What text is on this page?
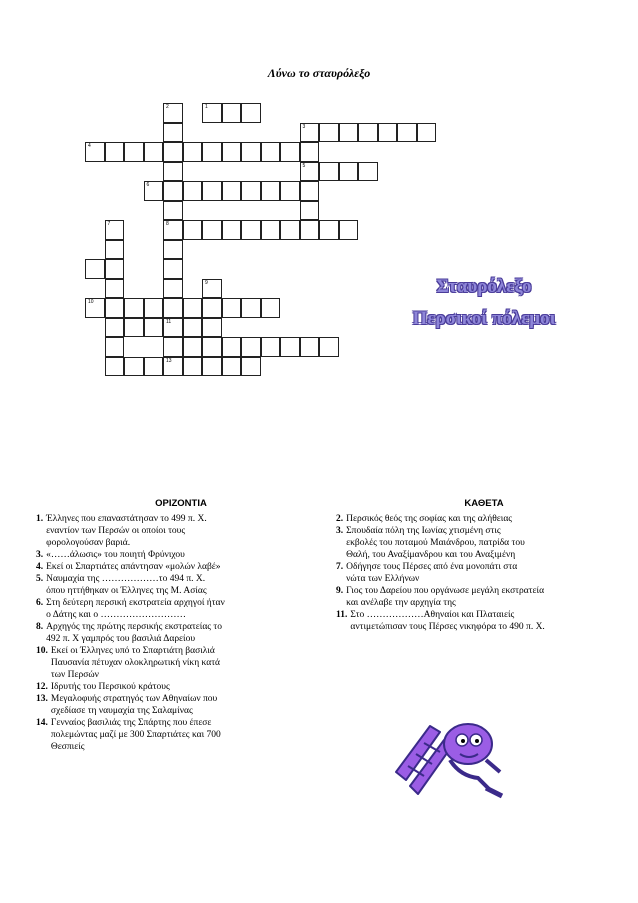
Λύνω το σταυρόλεξο
2
8
1
3
5
4
6
7
9
10
11
13
Σταυρόλεξο
Περσικοί πόλεμοι
ΟΡΙΖΟΝΤΙΑ
1. Έλληνες που επαναστάτησαν το 499 π. Χ.
εναντίον των Περσών οι οποίοι τους
φορολογούσαν βαριά.
3. «……άλωσις» του ποιητή Φρύνιχου
4. Εκεί οι Σπαρτιάτες απάντησαν «μολών λαβέ»
5. Ναυμαχία της ………………το 494 π. Χ.
όπου ηττήθηκαν οι Έλληνες της Μ. Ασίας
6. Στη δεύτερη περσική εκστρατεία αρχηγοί ήταν
ο Δάτης και ο ………………………
8. Αρχηγός της πρώτης περσικής εκστρατείας το
492 π. Χ γαμπρός του βασιλιά Δαρείου
10. Εκεί οι Έλληνες υπό το Σπαρτιάτη βασιλιά
Παυσανία πέτυχαν ολοκληρωτική νίκη κατά
των Περσών
12. Ιδρυτής του Περσικού κράτους
13. Μεγαλοφυής στρατηγός των Αθηναίων που
σχεδίασε τη ναυμαχία της Σαλαμίνας
14. Γενναίος βασιλιάς της Σπάρτης που έπεσε
πολεμώντας μαζί με 300 Σπαρτιάτες και 700
Θεσπιείς
ΚΑΘΕΤΑ
2. Περσικός θεός της σοφίας και της αλήθειας
3. Σπουδαία πόλη της Ιωνίας χτισμένη στις
εκβολές του ποταμού Μαιάνδρου, πατρίδα του
Θαλή, του Αναξίμανδρου και του Αναξιμένη
7. Οδήγησε τους Πέρσες από ένα μονοπάτι στα
νώτα των Ελλήνων
9. Γιος του Δαρείου που οργάνωσε μεγάλη εκστρατεία
και ανέλαβε την αρχηγία της
11. Στο ………………Αθηναίοι και Πλαταιείς
αντιμετώπισαν τους Πέρσες νικηφόρα το 490 π. Χ.
